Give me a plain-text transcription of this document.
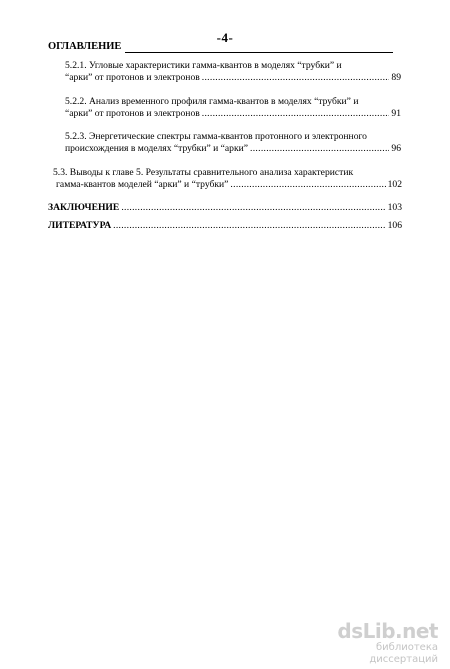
-4-
ОГЛАВЛЕНИЕ
5.2.1. Угловые характеристики гамма-квантов в моделях “трубки” и
“арки” от протонов и электронов .....	89
5.2.2. Анализ временного профиля гамма-квантов в моделях “трубки” и
“арки” от протонов и электронов .....	91
5.2.3. Энергетические спектры гамма-квантов протонного и электронного
происхождения в моделях “трубки” и “арки” .....	96
5.3. Выводы к главе 5. Результаты сравнительного анализа характеристик
гамма-квантов моделей “арки” и “трубки” .....	102
ЗАКЛЮЧЕНИЕ .....	103
ЛИТЕРАТУРА .....	106
dsLib.net
библиотека диссертаций
